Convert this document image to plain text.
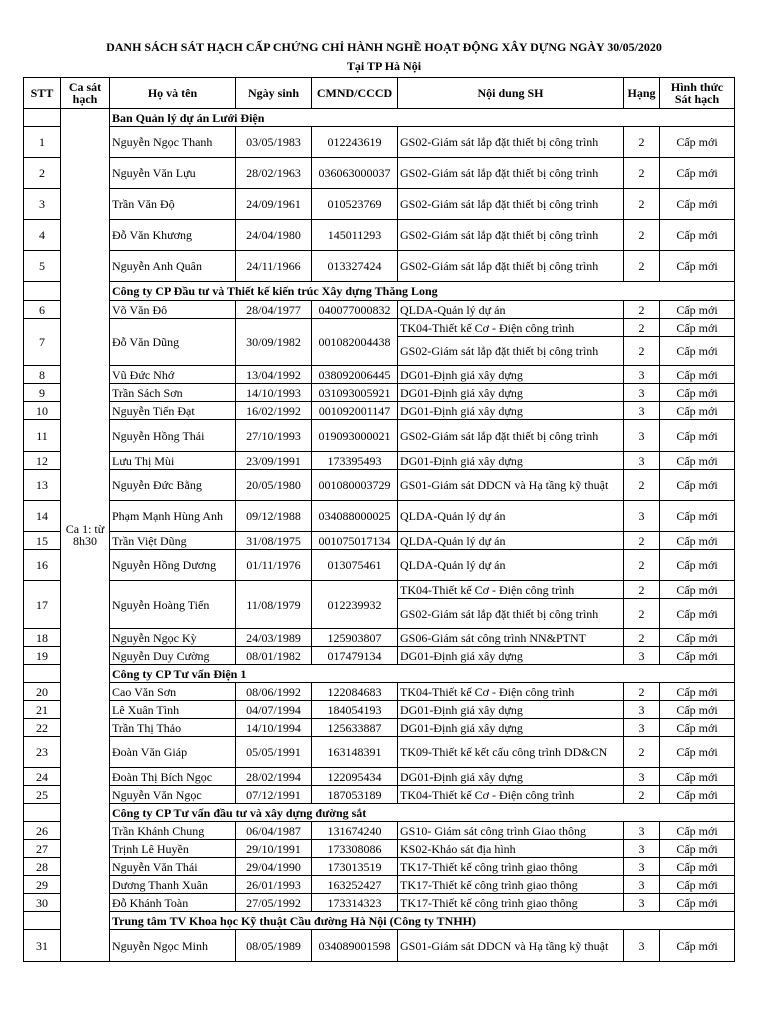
DANH SÁCH SÁT HẠCH CẤP CHỨNG CHỈ HÀNH NGHỀ HOẠT ĐỘNG XÂY DỰNG NGÀY 30/05/2020
Tại TP Hà Nội
STT	Ca sát hạch	Họ và tên	Ngày sinh	CMND/CCCD	Nội dung SH	Hạng	Hình thức Sát hạch
	Ca 1: từ 8h30	Ban Quản lý dự án Lưới Điện					
1		Nguyễn Ngọc Thanh	03/05/1983	012243619	GS02-Giám sát lắp đặt thiết bị công trình	2	Cấp mới
2		Nguyễn Văn Lựu	28/02/1963	036063000037	GS02-Giám sát lắp đặt thiết bị công trình	2	Cấp mới
3		Trần Văn Độ	24/09/1961	010523769	GS02-Giám sát lắp đặt thiết bị công trình	2	Cấp mới
4		Đỗ Văn Khương	24/04/1980	145011293	GS02-Giám sát lắp đặt thiết bị công trình	2	Cấp mới
5		Nguyễn Anh Quân	24/11/1966	013327424	GS02-Giám sát lắp đặt thiết bị công trình	2	Cấp mới
		Công ty CP Đầu tư và Thiết kế kiến trúc Xây dựng Thăng Long					
6		Võ Văn Đô	28/04/1977	040077000832	QLDA-Quản lý dự án	2	Cấp mới
7		Đỗ Văn Dũng	30/09/1982	001082004438	TK04-Thiết kế Cơ - Điện công trình	2	Cấp mới
					GS02-Giám sát lắp đặt thiết bị công trình	2	Cấp mới
8		Vũ Đức Nhớ	13/04/1992	038092006445	DG01-Định giá xây dựng	3	Cấp mới
9		Trần Sách Sơn	14/10/1993	031093005921	DG01-Định giá xây dựng	3	Cấp mới
10		Nguyễn Tiến Đạt	16/02/1992	001092001147	DG01-Định giá xây dựng	3	Cấp mới
11		Nguyễn Hồng Thái	27/10/1993	019093000021	GS02-Giám sát lắp đặt thiết bị công trình	3	Cấp mới
12		Lưu Thị Mùi	23/09/1991	173395493	DG01-Định giá xây dựng	3	Cấp mới
13		Nguyễn Đức Bằng	20/05/1980	001080003729	GS01-Giám sát DDCN và Hạ tầng kỹ thuật	2	Cấp mới
14		Phạm Mạnh Hùng Anh	09/12/1988	034088000025	QLDA-Quản lý dự án	3	Cấp mới
15		Trần Việt Dũng	31/08/1975	001075017134	QLDA-Quản lý dự án	2	Cấp mới
16		Nguyễn Hồng Dương	01/11/1976	013075461	QLDA-Quản lý dự án	2	Cấp mới
17		Nguyễn Hoàng Tiến	11/08/1979	012239932	TK04-Thiết kế Cơ - Điện công trình	2	Cấp mới
					GS02-Giám sát lắp đặt thiết bị công trình	2	Cấp mới
18		Nguyễn Ngọc Kỳ	24/03/1989	125903807	GS06-Giám sát công trình NN&PTNT	2	Cấp mới
19		Nguyễn Duy Cường	08/01/1982	017479134	DG01-Định giá xây dựng	3	Cấp mới
		Công ty CP Tư vấn Điện 1					
20		Cao Văn Sơn	08/06/1992	122084683	TK04-Thiết kế Cơ - Điện công trình	2	Cấp mới
21		Lê Xuân Tình	04/07/1994	184054193	DG01-Định giá xây dựng	3	Cấp mới
22		Trần Thị Thảo	14/10/1994	125633887	DG01-Định giá xây dựng	3	Cấp mới
23		Đoàn Văn Giáp	05/05/1991	163148391	TK09-Thiết kế kết cấu công trình DD&CN	2	Cấp mới
24		Đoàn Thị Bích Ngọc	28/02/1994	122095434	DG01-Định giá xây dựng	3	Cấp mới
25		Nguyễn Văn Ngọc	07/12/1991	187053189	TK04-Thiết kế Cơ - Điện công trình	2	Cấp mới
		Công ty CP Tư vấn đầu tư và xây dựng đường sắt					
26		Trần Khánh Chung	06/04/1987	131674240	GS10- Giám sát công trình Giao thông	3	Cấp mới
27		Trịnh Lê Huyền	29/10/1991	173308086	KS02-Khảo sát địa hình	3	Cấp mới
28		Nguyễn Văn Thái	29/04/1990	173013519	TK17-Thiết kế công trình giao thông	3	Cấp mới
29		Dương Thanh Xuân	26/01/1993	163252427	TK17-Thiết kế công trình giao thông	3	Cấp mới
30		Đỗ Khánh Toàn	27/05/1992	173314323	TK17-Thiết kế công trình giao thông	3	Cấp mới
		Trung tâm TV Khoa học Kỹ thuật Cầu đường Hà Nội (Công ty TNHH)					
31		Nguyễn Ngọc Minh	08/05/1989	034089001598	GS01-Giám sát DDCN và Hạ tầng kỹ thuật	3	Cấp mới
